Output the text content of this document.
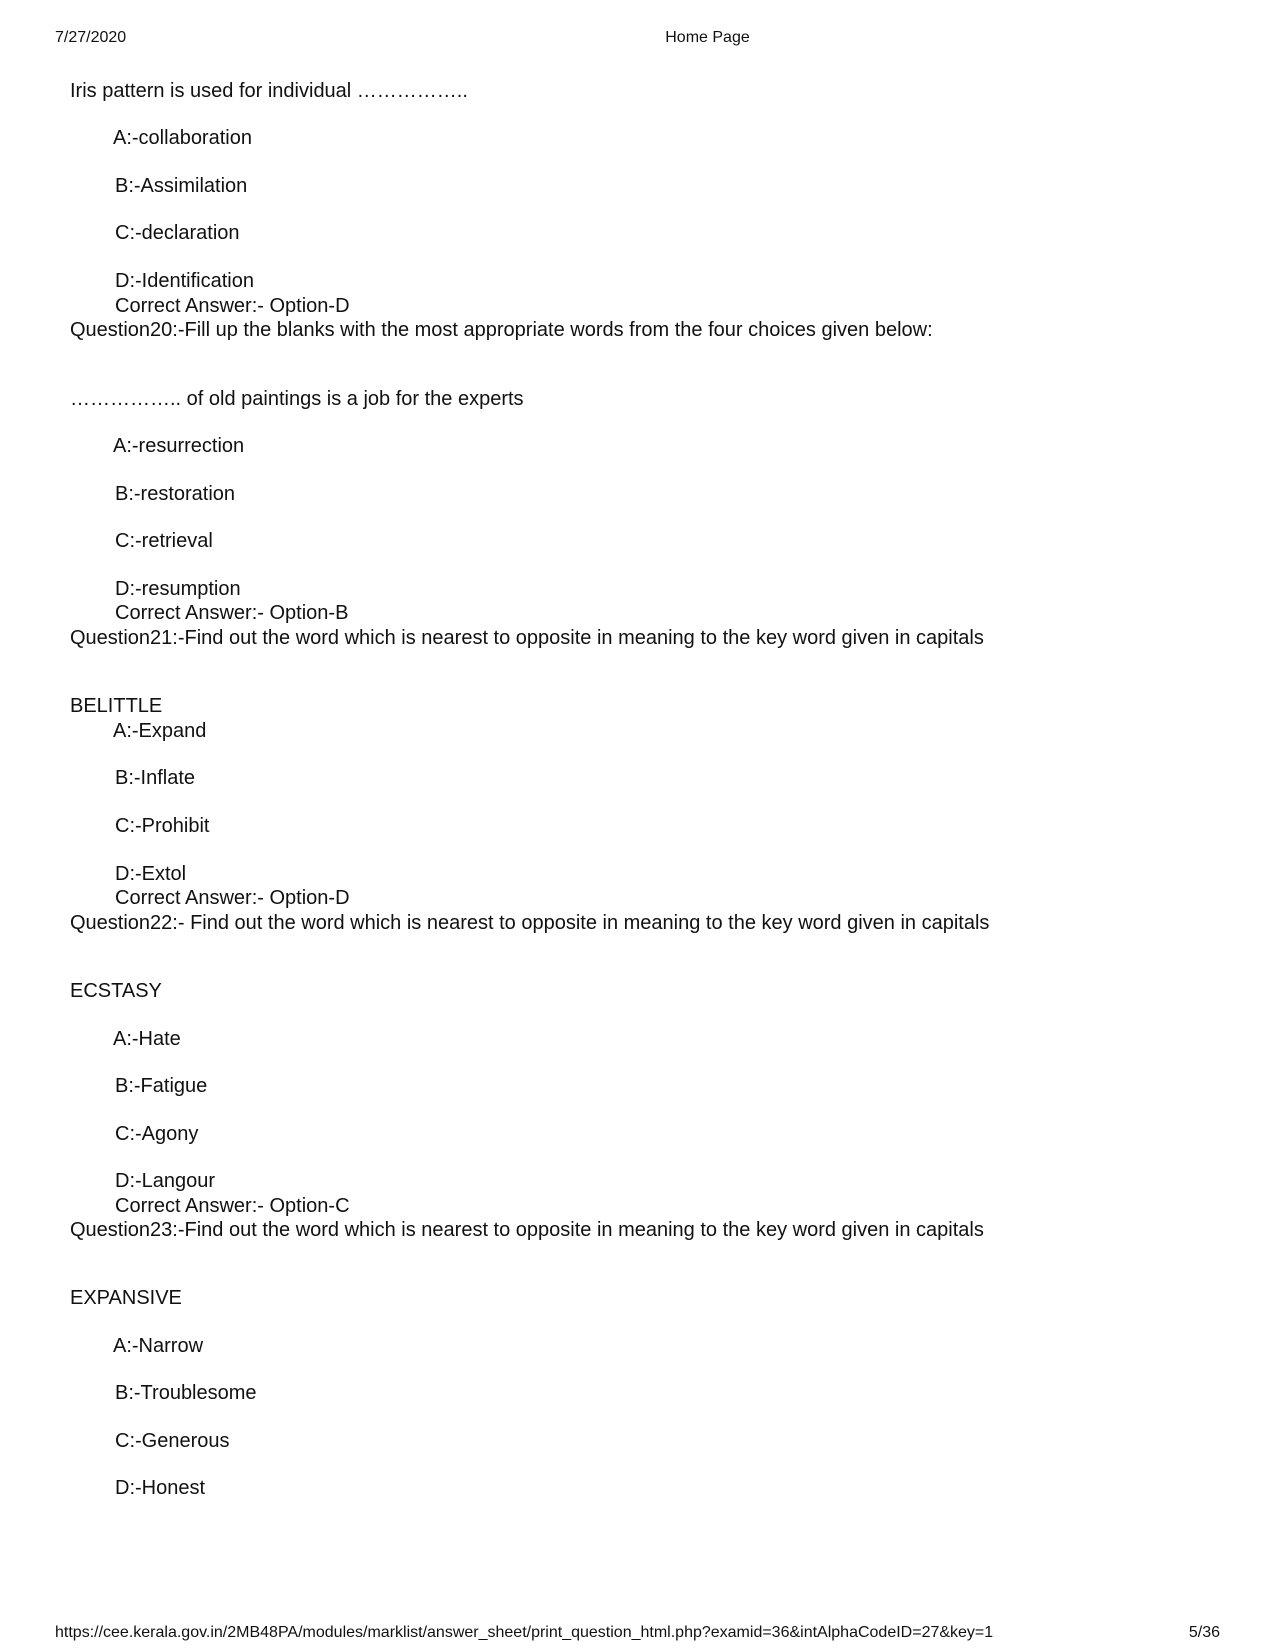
7/27/2020	Home Page
Iris pattern is used for individual ……………..
A:-collaboration
B:-Assimilation
C:-declaration
D:-Identification
Correct Answer:- Option-D
Question20:-Fill up the blanks with the most appropriate words from the four choices given below:
…………….. of old paintings is a job for the experts
A:-resurrection
B:-restoration
C:-retrieval
D:-resumption
Correct Answer:- Option-B
Question21:-Find out the word which is nearest to opposite in meaning to the key word given in capitals
BELITTLE
A:-Expand
B:-Inflate
C:-Prohibit
D:-Extol
Correct Answer:- Option-D
Question22:- Find out the word which is nearest to opposite in meaning to the key word given in capitals
ECSTASY
A:-Hate
B:-Fatigue
C:-Agony
D:-Langour
Correct Answer:- Option-C
Question23:-Find out the word which is nearest to opposite in meaning to the key word given in capitals
EXPANSIVE
A:-Narrow
B:-Troublesome
C:-Generous
D:-Honest
https://cee.kerala.gov.in/2MB48PA/modules/marklist/answer_sheet/print_question_html.php?examid=36&intAlphaCodeID=27&key=1	5/36
